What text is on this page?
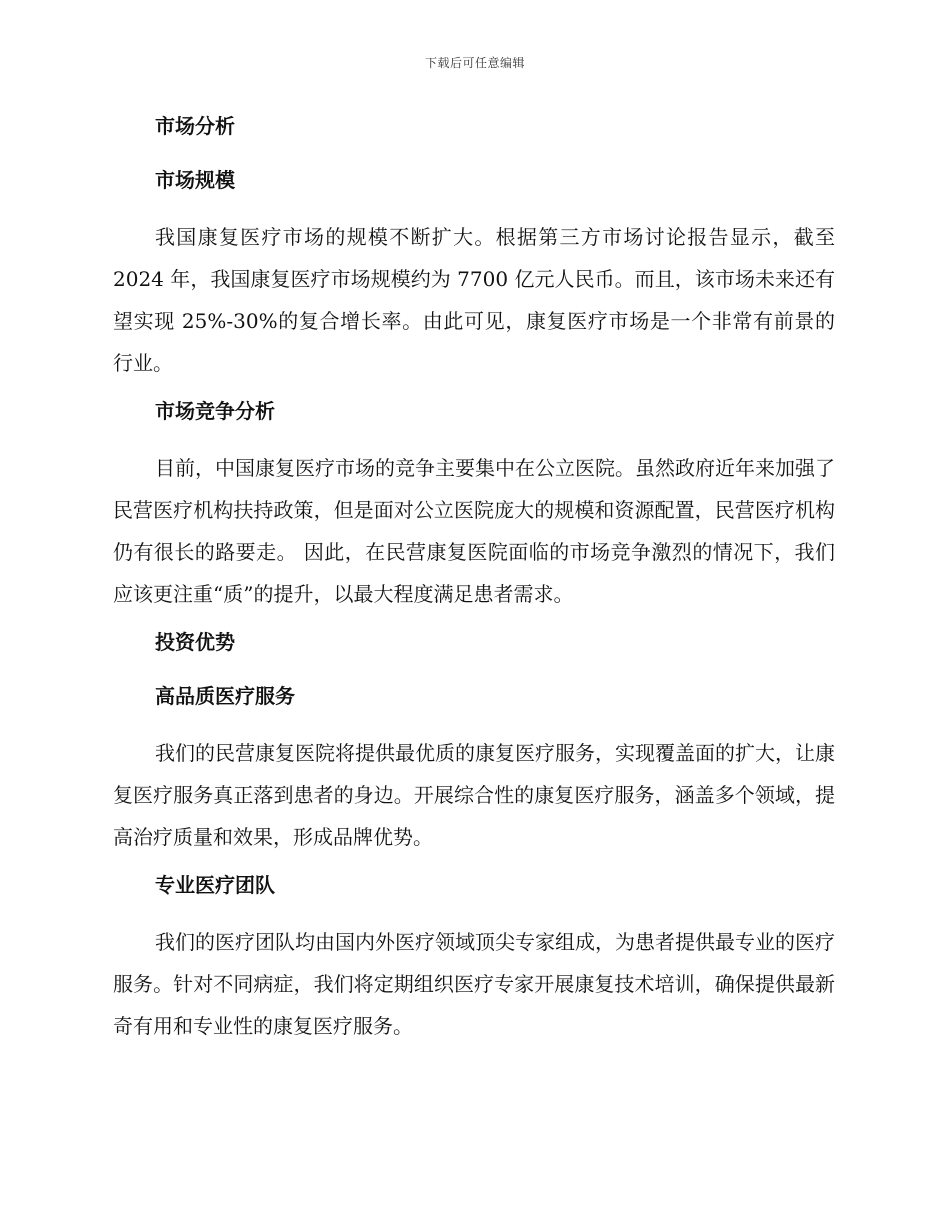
下载后可任意编辑
市场分析
市场规模

我国康复医疗市场的规模不断扩大。根据第三方市场讨论报告显示，截至 2024 年，我国康复医疗市场规模约为 7700 亿元人民币。而且，该市场未来还有望实现 25%-30%的复合增长率。由此可见，康复医疗市场是一个非常有前景的行业。

市场竞争分析

目前，中国康复医疗市场的竞争主要集中在公立医院。虽然政府近年来加强了民营医疗机构扶持政策，但是面对公立医院庞大的规模和资源配置，民营医疗机构仍有很长的路要走。 因此，在民营康复医院面临的市场竞争激烈的情况下，我们应该更注重“质”的提升，以最大程度满足患者需求。

投资优势
高品质医疗服务

我们的民营康复医院将提供最优质的康复医疗服务，实现覆盖面的扩大，让康复医疗服务真正落到患者的身边。开展综合性的康复医疗服务，涵盖多个领域，提高治疗质量和效果，形成品牌优势。

专业医疗团队

我们的医疗团队均由国内外医疗领域顶尖专家组成，为患者提供最专业的医疗服务。针对不同病症，我们将定期组织医疗专家开展康复技术培训，确保提供最新奇有用和专业性的康复医疗服务。
